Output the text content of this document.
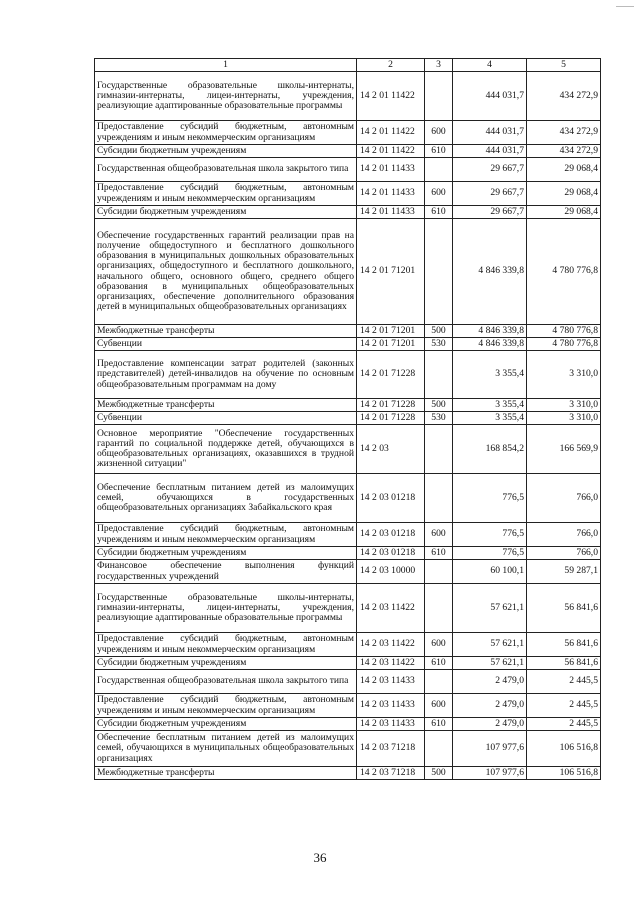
1	2	3	4	5
Государственные образовательные школы-интернаты, гимназии-интернаты, лицеи-интернаты, учреждения, реализующие адаптированные образовательные программы	14 2 01 11422		444 031,7	434 272,9
Предоставление субсидий бюджетным, автономным учреждениям и иным некоммерческим организациям	14 2 01 11422	600	444 031,7	434 272,9
Субсидии бюджетным учреждениям	14 2 01 11422	610	444 031,7	434 272,9
Государственная общеобразовательная школа закрытого типа	14 2 01 11433		29 667,7	29 068,4
Предоставление субсидий бюджетным, автономным учреждениям и иным некоммерческим организациям	14 2 01 11433	600	29 667,7	29 068,4
Субсидии бюджетным учреждениям	14 2 01 11433	610	29 667,7	29 068,4
Обеспечение государственных гарантий реализации прав на получение общедоступного и бесплатного дошкольного образования в муниципальных дошкольных образовательных организациях, общедоступного и бесплатного дошкольного, начального общего, основного общего, среднего общего образования в муниципальных общеобразовательных организациях, обеспечение дополнительного образования детей в муниципальных общеобразовательных организациях	14 2 01 71201		4 846 339,8	4 780 776,8
Межбюджетные трансферты	14 2 01 71201	500	4 846 339,8	4 780 776,8
Субвенции	14 2 01 71201	530	4 846 339,8	4 780 776,8
Предоставление компенсации затрат родителей (законных представителей) детей-инвалидов на обучение по основным общеобразовательным программам на дому	14 2 01 71228		3 355,4	3 310,0
Межбюджетные трансферты	14 2 01 71228	500	3 355,4	3 310,0
Субвенции	14 2 01 71228	530	3 355,4	3 310,0
Основное мероприятие "Обеспечение государственных гарантий по социальной поддержке детей, обучающихся в общеобразовательных организациях, оказавшихся в трудной жизненной ситуации"	14 2 03		168 854,2	166 569,9
Обеспечение бесплатным питанием детей из малоимущих семей, обучающихся в государственных общеобразовательных организациях Забайкальского края	14 2 03 01218		776,5	766,0
Предоставление субсидий бюджетным, автономным учреждениям и иным некоммерческим организациям	14 2 03 01218	600	776,5	766,0
Субсидии бюджетным учреждениям	14 2 03 01218	610	776,5	766,0
Финансовое обеспечение выполнения функций государственных учреждений	14 2 03 10000		60 100,1	59 287,1
Государственные образовательные школы-интернаты, гимназии-интернаты, лицеи-интернаты, учреждения, реализующие адаптированные образовательные программы	14 2 03 11422		57 621,1	56 841,6
Предоставление субсидий бюджетным, автономным учреждениям и иным некоммерческим организациям	14 2 03 11422	600	57 621,1	56 841,6
Субсидии бюджетным учреждениям	14 2 03 11422	610	57 621,1	56 841,6
Государственная общеобразовательная школа закрытого типа	14 2 03 11433		2 479,0	2 445,5
Предоставление субсидий бюджетным, автономным учреждениям и иным некоммерческим организациям	14 2 03 11433	600	2 479,0	2 445,5
Субсидии бюджетным учреждениям	14 2 03 11433	610	2 479,0	2 445,5
Обеспечение бесплатным питанием детей из малоимущих семей, обучающихся в муниципальных общеобразовательных организациях	14 2 03 71218		107 977,6	106 516,8
Межбюджетные трансферты	14 2 03 71218	500	107 977,6	106 516,8
36
